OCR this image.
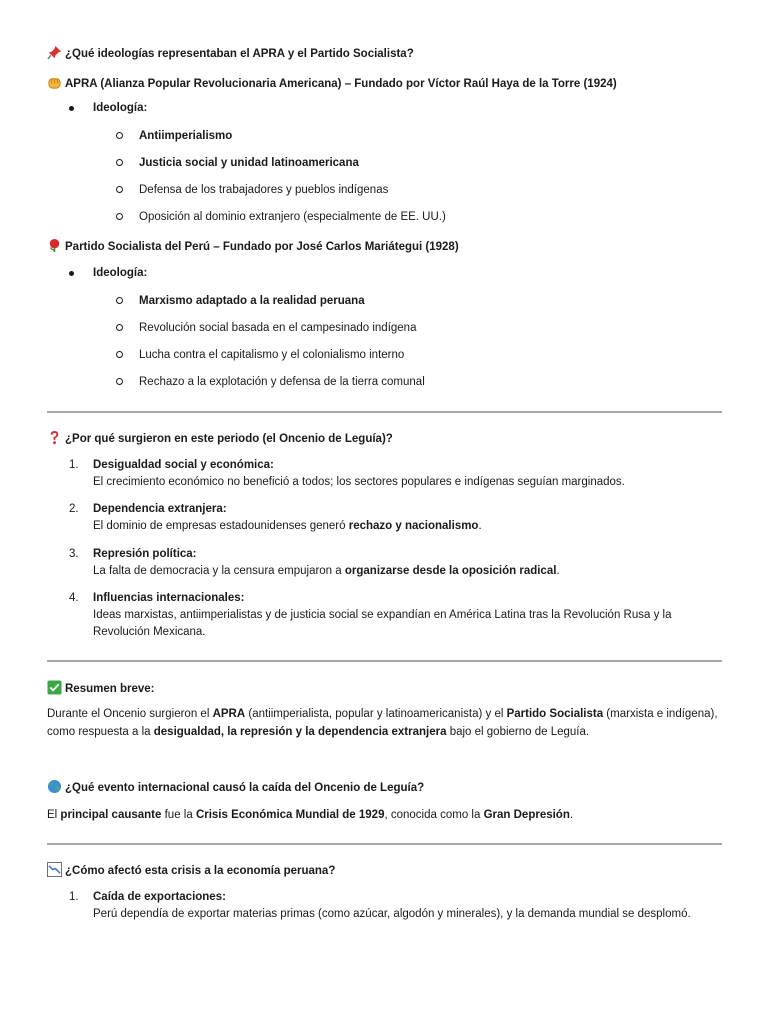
¿Qué ideologías representaban el APRA y el Partido Socialista?
APRA (Alianza Popular Revolucionaria Americana) – Fundado por Víctor Raúl Haya de la Torre (1924)
Ideología:
Antiimperialismo
Justicia social y unidad latinoamericana
Defensa de los trabajadores y pueblos indígenas
Oposición al dominio extranjero (especialmente de EE. UU.)
Partido Socialista del Perú – Fundado por José Carlos Mariátegui (1928)
Ideología:
Marxismo adaptado a la realidad peruana
Revolución social basada en el campesinado indígena
Lucha contra el capitalismo y el colonialismo interno
Rechazo a la explotación y defensa de la tierra comunal
¿Por qué surgieron en este periodo (el Oncenio de Leguía)?
1. Desigualdad social y económica:
El crecimiento económico no benefició a todos; los sectores populares e indígenas seguían marginados.
2. Dependencia extranjera:
El dominio de empresas estadounidenses generó rechazo y nacionalismo.
3. Represión política:
La falta de democracia y la censura empujaron a organizarse desde la oposición radical.
4. Influencias internacionales:
Ideas marxistas, antiimperialistas y de justicia social se expandían en América Latina tras la Revolución Rusa y la Revolución Mexicana.
Resumen breve:
Durante el Oncenio surgieron el APRA (antiimperialista, popular y latinoamericanista) y el Partido Socialista (marxista e indígena), como respuesta a la desigualdad, la represión y la dependencia extranjera bajo el gobierno de Leguía.
¿Qué evento internacional causó la caída del Oncenio de Leguía?
El principal causante fue la Crisis Económica Mundial de 1929, conocida como la Gran Depresión.
¿Cómo afectó esta crisis a la economía peruana?
1. Caída de exportaciones:
Perú dependía de exportar materias primas (como azúcar, algodón y minerales), y la demanda mundial se desplomó.
